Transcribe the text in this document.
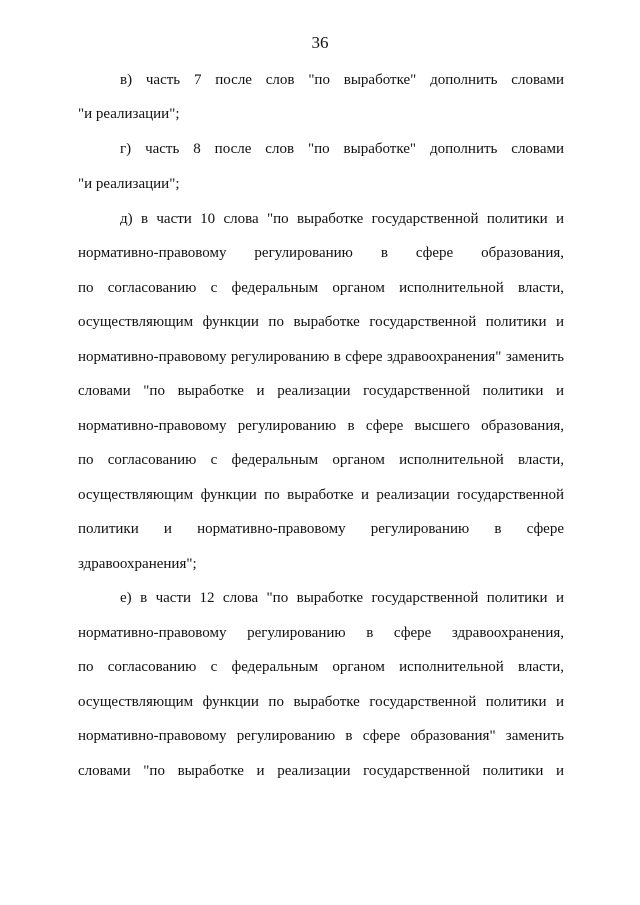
36
в) часть 7 после слов "по выработке" дополнить словами
"и реализации";
г) часть 8 после слов "по выработке" дополнить словами
"и реализации";
д) в части 10 слова "по выработке государственной политики и
нормативно-правовому регулированию в сфере образования,
по согласованию с федеральным органом исполнительной власти,
осуществляющим функции по выработке государственной политики и
нормативно-правовому регулированию в сфере здравоохранения" заменить
словами "по выработке и реализации государственной политики и
нормативно-правовому регулированию в сфере высшего образования,
по согласованию с федеральным органом исполнительной власти,
осуществляющим функции по выработке и реализации государственной
политики и нормативно-правовому регулированию в сфере
здравоохранения";
е) в части 12 слова "по выработке государственной политики и
нормативно-правовому регулированию в сфере здравоохранения,
по согласованию с федеральным органом исполнительной власти,
осуществляющим функции по выработке государственной политики и
нормативно-правовому регулированию в сфере образования" заменить
словами "по выработке и реализации государственной политики и
